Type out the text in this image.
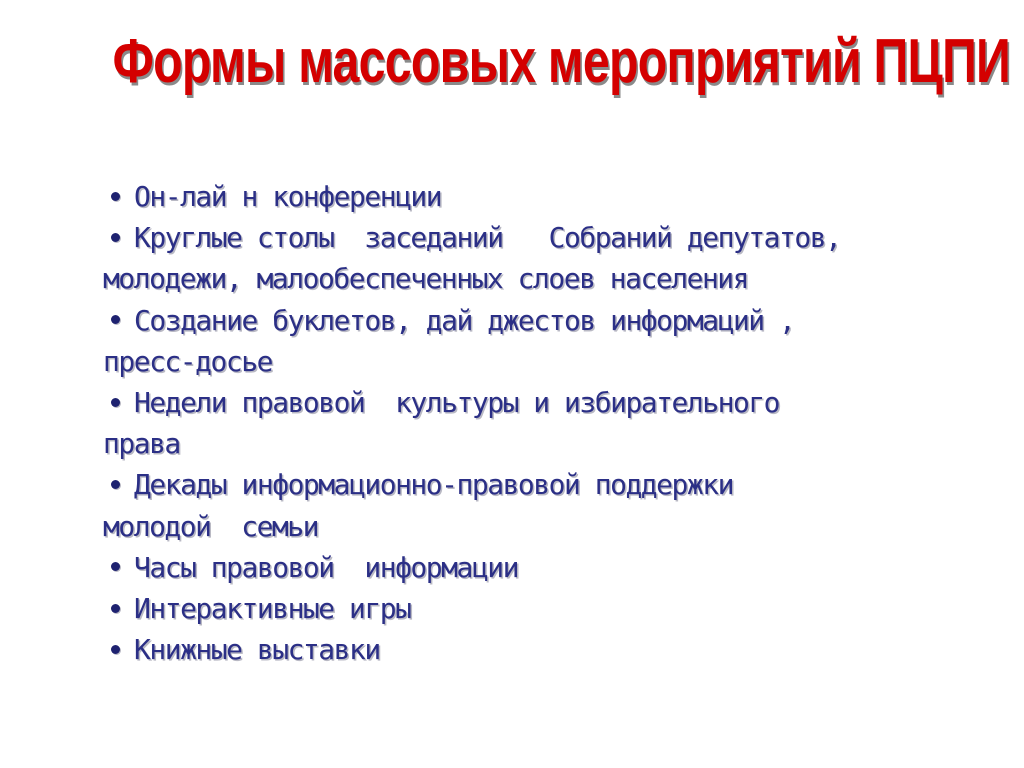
Формы массовых мероприятий ПЦПИ

Он-лай н конференции

Круглые столы  заседаний   Собраний депутатов, молодежи, малообеспеченных слоев населения

Создание буклетов, дай джестов информаций , пресс-досье

Недели правовой  культуры и избирательного права

Декады информационно-правовой поддержки молодой  семьи

Часы правовой  информации

Интерактивные игры

Книжные выставки
